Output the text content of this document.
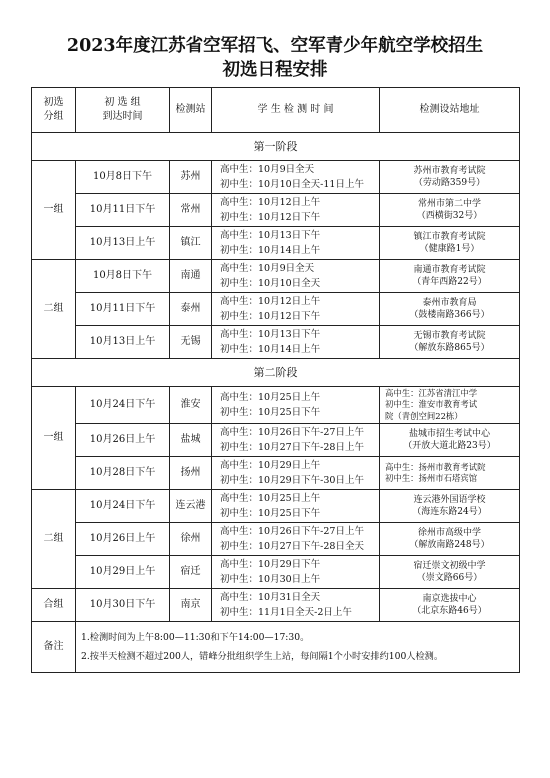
2023年度江苏省空军招飞、空军青少年航空学校招生
初选日程安排
初选
分组	初 选 组
到达时间	检测站	学 生 检 测 时 间	检测设站地址
第一阶段				
一组	10月8日下午	苏州	高中生：10月9日全天
初中生：10月10日全天-11日上午	苏州市教育考试院
（劳动路359号）

	10月11日下午	常州	高中生：10月12日上午
初中生：10月12日下午	常州市第二中学
（西横街32号）

	10月13日上午	镇江	高中生：10月13日下午
初中生：10月14日上午	镇江市教育考试院
（健康路1号）

二组	10月8日下午	南通	高中生：10月9日全天
初中生：10月10日全天	南通市教育考试院
（青年西路22号）

	10月11日下午	泰州	高中生：10月12日上午
初中生：10月12日下午	泰州市教育局
（鼓楼南路366号）

	10月13日上午	无锡	高中生：10月13日下午
初中生：10月14日上午	无锡市教育考试院
（解放东路865号）

第二阶段				
一组	10月24日下午	淮安	高中生：10月25日上午
初中生：10月25日下午	高中生：江苏省清江中学
初中生：淮安市教育考试
院（青创空间22栋）

	10月26日上午	盐城	高中生：10月26日下午-27日上午
初中生：10月27日下午-28日上午	盐城市招生考试中心
（开放大道北路23号）

	10月28日下午	扬州	高中生：10月29日上午
初中生：10月29日下午-30日上午	高中生：扬州市教育考试院
初中生：扬州市石塔宾馆

二组	10月24日下午	连云港	高中生：10月25日上午
初中生：10月25日下午	连云港外国语学校
（海连东路24号）

	10月26日上午	徐州	高中生：10月26日下午-27日上午
初中生：10月27日下午-28日全天	徐州市高级中学
（解放南路248号）

	10月29日上午	宿迁	高中生：10月29日下午
初中生：10月30日上午	宿迁崇文初级中学
（崇文路66号）

合组	10月30日下午	南京	高中生：10月31日全天
初中生：11月1日全天-2日上午	南京选拔中心
（北京东路46号）

备注	1.检测时间为上午8:00—11:30和下午14:00—17:30。
2.按半天检测不超过200人，错峰分批组织学生上站，每间隔1个小时安排约100人检测。			
